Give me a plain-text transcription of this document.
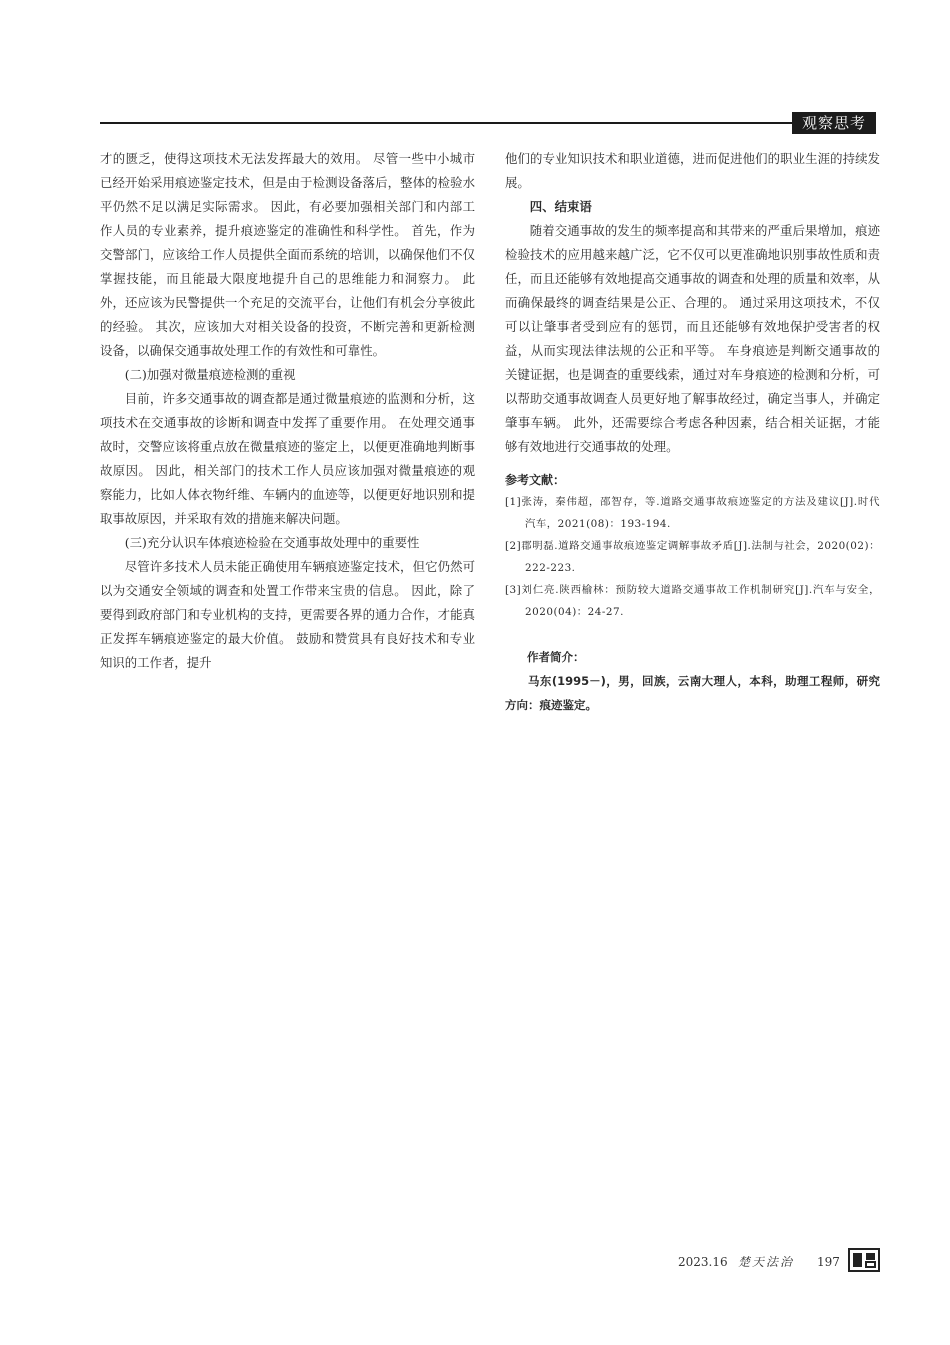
观察思考

才的匮乏，使得这项技术无法发挥最大的效用。 尽管一些中小城市已经开始采用痕迹鉴定技术，但是由于检测设备落后，整体的检验水平仍然不足以满足实际需求。 因此，有必要加强相关部门和内部工作人员的专业素养，提升痕迹鉴定的准确性和科学性。 首先，作为交警部门，应该给工作人员提供全面而系统的培训，以确保他们不仅掌握技能，而且能最大限度地提升自己的思维能力和洞察力。 此外，还应该为民警提供一个充足的交流平台，让他们有机会分享彼此的经验。 其次，应该加大对相关设备的投资，不断完善和更新检测设备，以确保交通事故处理工作的有效性和可靠性。

(二)加强对微量痕迹检测的重视

目前，许多交通事故的调查都是通过微量痕迹的监测和分析，这项技术在交通事故的诊断和调查中发挥了重要作用。 在处理交通事故时，交警应该将重点放在微量痕迹的鉴定上，以便更准确地判断事故原因。 因此，相关部门的技术工作人员应该加强对微量痕迹的观察能力，比如人体衣物纤维、车辆内的血迹等，以便更好地识别和提取事故原因，并采取有效的措施来解决问题。

(三)充分认识车体痕迹检验在交通事故处理中的重要性

尽管许多技术人员未能正确使用车辆痕迹鉴定技术，但它仍然可以为交通安全领域的调查和处置工作带来宝贵的信息。 因此，除了要得到政府部门和专业机构的支持，更需要各界的通力合作，才能真正发挥车辆痕迹鉴定的最大价值。 鼓励和赞赏具有良好技术和专业知识的工作者，提升

他们的专业知识技术和职业道德，进而促进他们的职业生涯的持续发展。

四、结束语

随着交通事故的发生的频率提高和其带来的严重后果增加，痕迹检验技术的应用越来越广泛，它不仅可以更准确地识别事故性质和责任，而且还能够有效地提高交通事故的调查和处理的质量和效率，从而确保最终的调查结果是公正、合理的。 通过采用这项技术，不仅可以让肇事者受到应有的惩罚，而且还能够有效地保护受害者的权益，从而实现法律法规的公正和平等。 车身痕迹是判断交通事故的关键证据，也是调查的重要线索，通过对车身痕迹的检测和分析，可以帮助交通事故调查人员更好地了解事故经过，确定当事人，并确定肇事车辆。 此外，还需要综合考虑各种因素，结合相关证据，才能够有效地进行交通事故的处理。

参考文献：
[1]张涛，秦伟超，邵智存，等.道路交通事故痕迹鉴定的方法及建议[J].时代汽车，2021(08)：193-194.
[2]郡明磊.道路交通事故痕迹鉴定调解事故矛盾[J].法制与社会，2020(02)：222-223.
[3]刘仁亮.陕西榆林：预防较大道路交通事故工作机制研究[J].汽车与安全，2020(04)：24-27.
作者简介：
马东(1995－)，男，回族，云南大理人，本科，助理工程师，研究方向：痕迹鉴定。
2023.16 楚天法治 197
